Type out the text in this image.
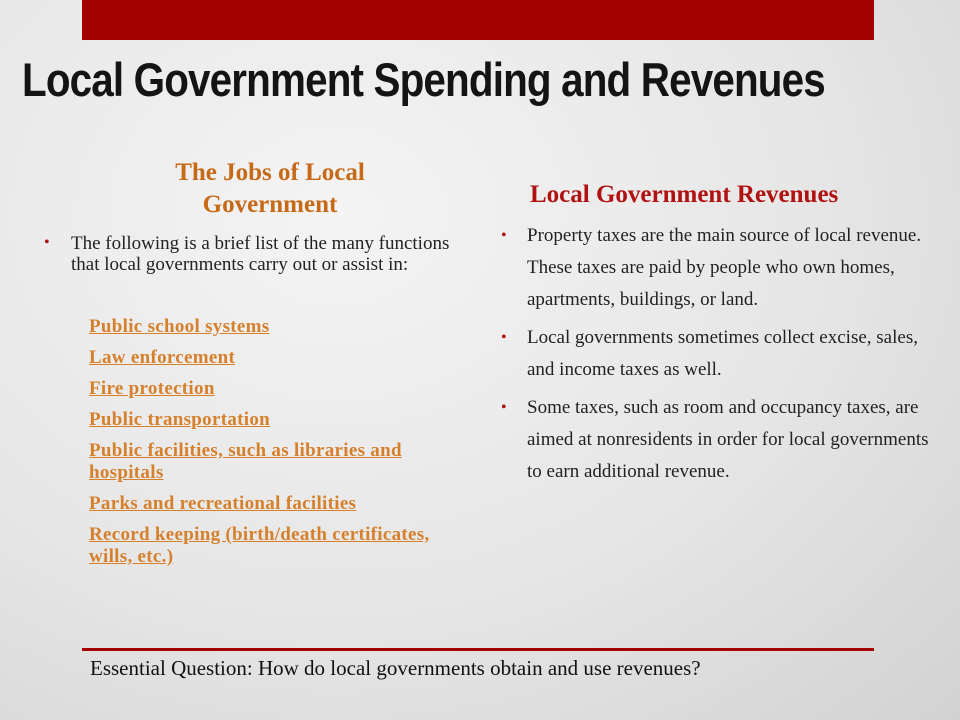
Local Government Spending and Revenues
The Jobs of Local Government
• The following is a brief list of the many functions that local governments carry out or assist in:

Public school systems
Law enforcement
Fire protection
Public transportation
Public facilities, such as libraries and hospitals
Parks and recreational facilities
Record keeping (birth/death certificates, wills, etc.)
Local Government Revenues
• Property taxes are the main source of local revenue. These taxes are paid by people who own homes, apartments, buildings, or land.
• Local governments sometimes collect excise, sales, and income taxes as well.
• Some taxes, such as room and occupancy taxes, are aimed at nonresidents in order for local governments to earn additional revenue.

Essential Question: How do local governments obtain and use revenues?
